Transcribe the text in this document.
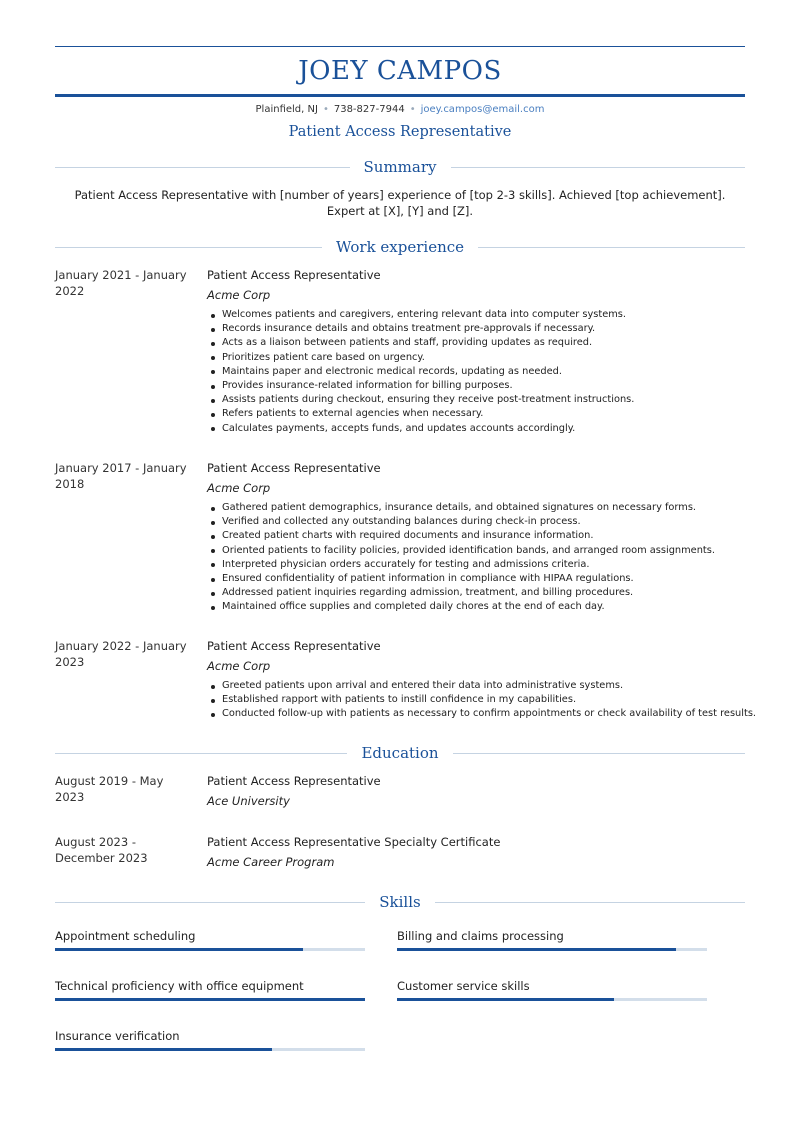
JOEY CAMPOS
Plainfield, NJ • 738-827-7944 • joey.campos@email.com
Patient Access Representative
Summary
Patient Access Representative with [number of years] experience of [top 2-3 skills]. Achieved [top achievement]. Expert at [X], [Y] and [Z].
Work experience
January 2021 - January 2022
Patient Access Representative
Acme Corp
Welcomes patients and caregivers, entering relevant data into computer systems.
Records insurance details and obtains treatment pre-approvals if necessary.
Acts as a liaison between patients and staff, providing updates as required.
Prioritizes patient care based on urgency.
Maintains paper and electronic medical records, updating as needed.
Provides insurance-related information for billing purposes.
Assists patients during checkout, ensuring they receive post-treatment instructions.
Refers patients to external agencies when necessary.
Calculates payments, accepts funds, and updates accounts accordingly.
January 2017 - January 2018
Patient Access Representative
Acme Corp
Gathered patient demographics, insurance details, and obtained signatures on necessary forms.
Verified and collected any outstanding balances during check-in process.
Created patient charts with required documents and insurance information.
Oriented patients to facility policies, provided identification bands, and arranged room assignments.
Interpreted physician orders accurately for testing and admissions criteria.
Ensured confidentiality of patient information in compliance with HIPAA regulations.
Addressed patient inquiries regarding admission, treatment, and billing procedures.
Maintained office supplies and completed daily chores at the end of each day.
January 2022 - January 2023
Patient Access Representative
Acme Corp
Greeted patients upon arrival and entered their data into administrative systems.
Established rapport with patients to instill confidence in my capabilities.
Conducted follow-up with patients as necessary to confirm appointments or check availability of test results.
Education
August 2019 - May 2023
Patient Access Representative
Ace University
August 2023 - December 2023
Patient Access Representative Specialty Certificate
Acme Career Program
Skills
Appointment scheduling	Billing and claims processing
Technical proficiency with office equipment	Customer service skills
Insurance verification
